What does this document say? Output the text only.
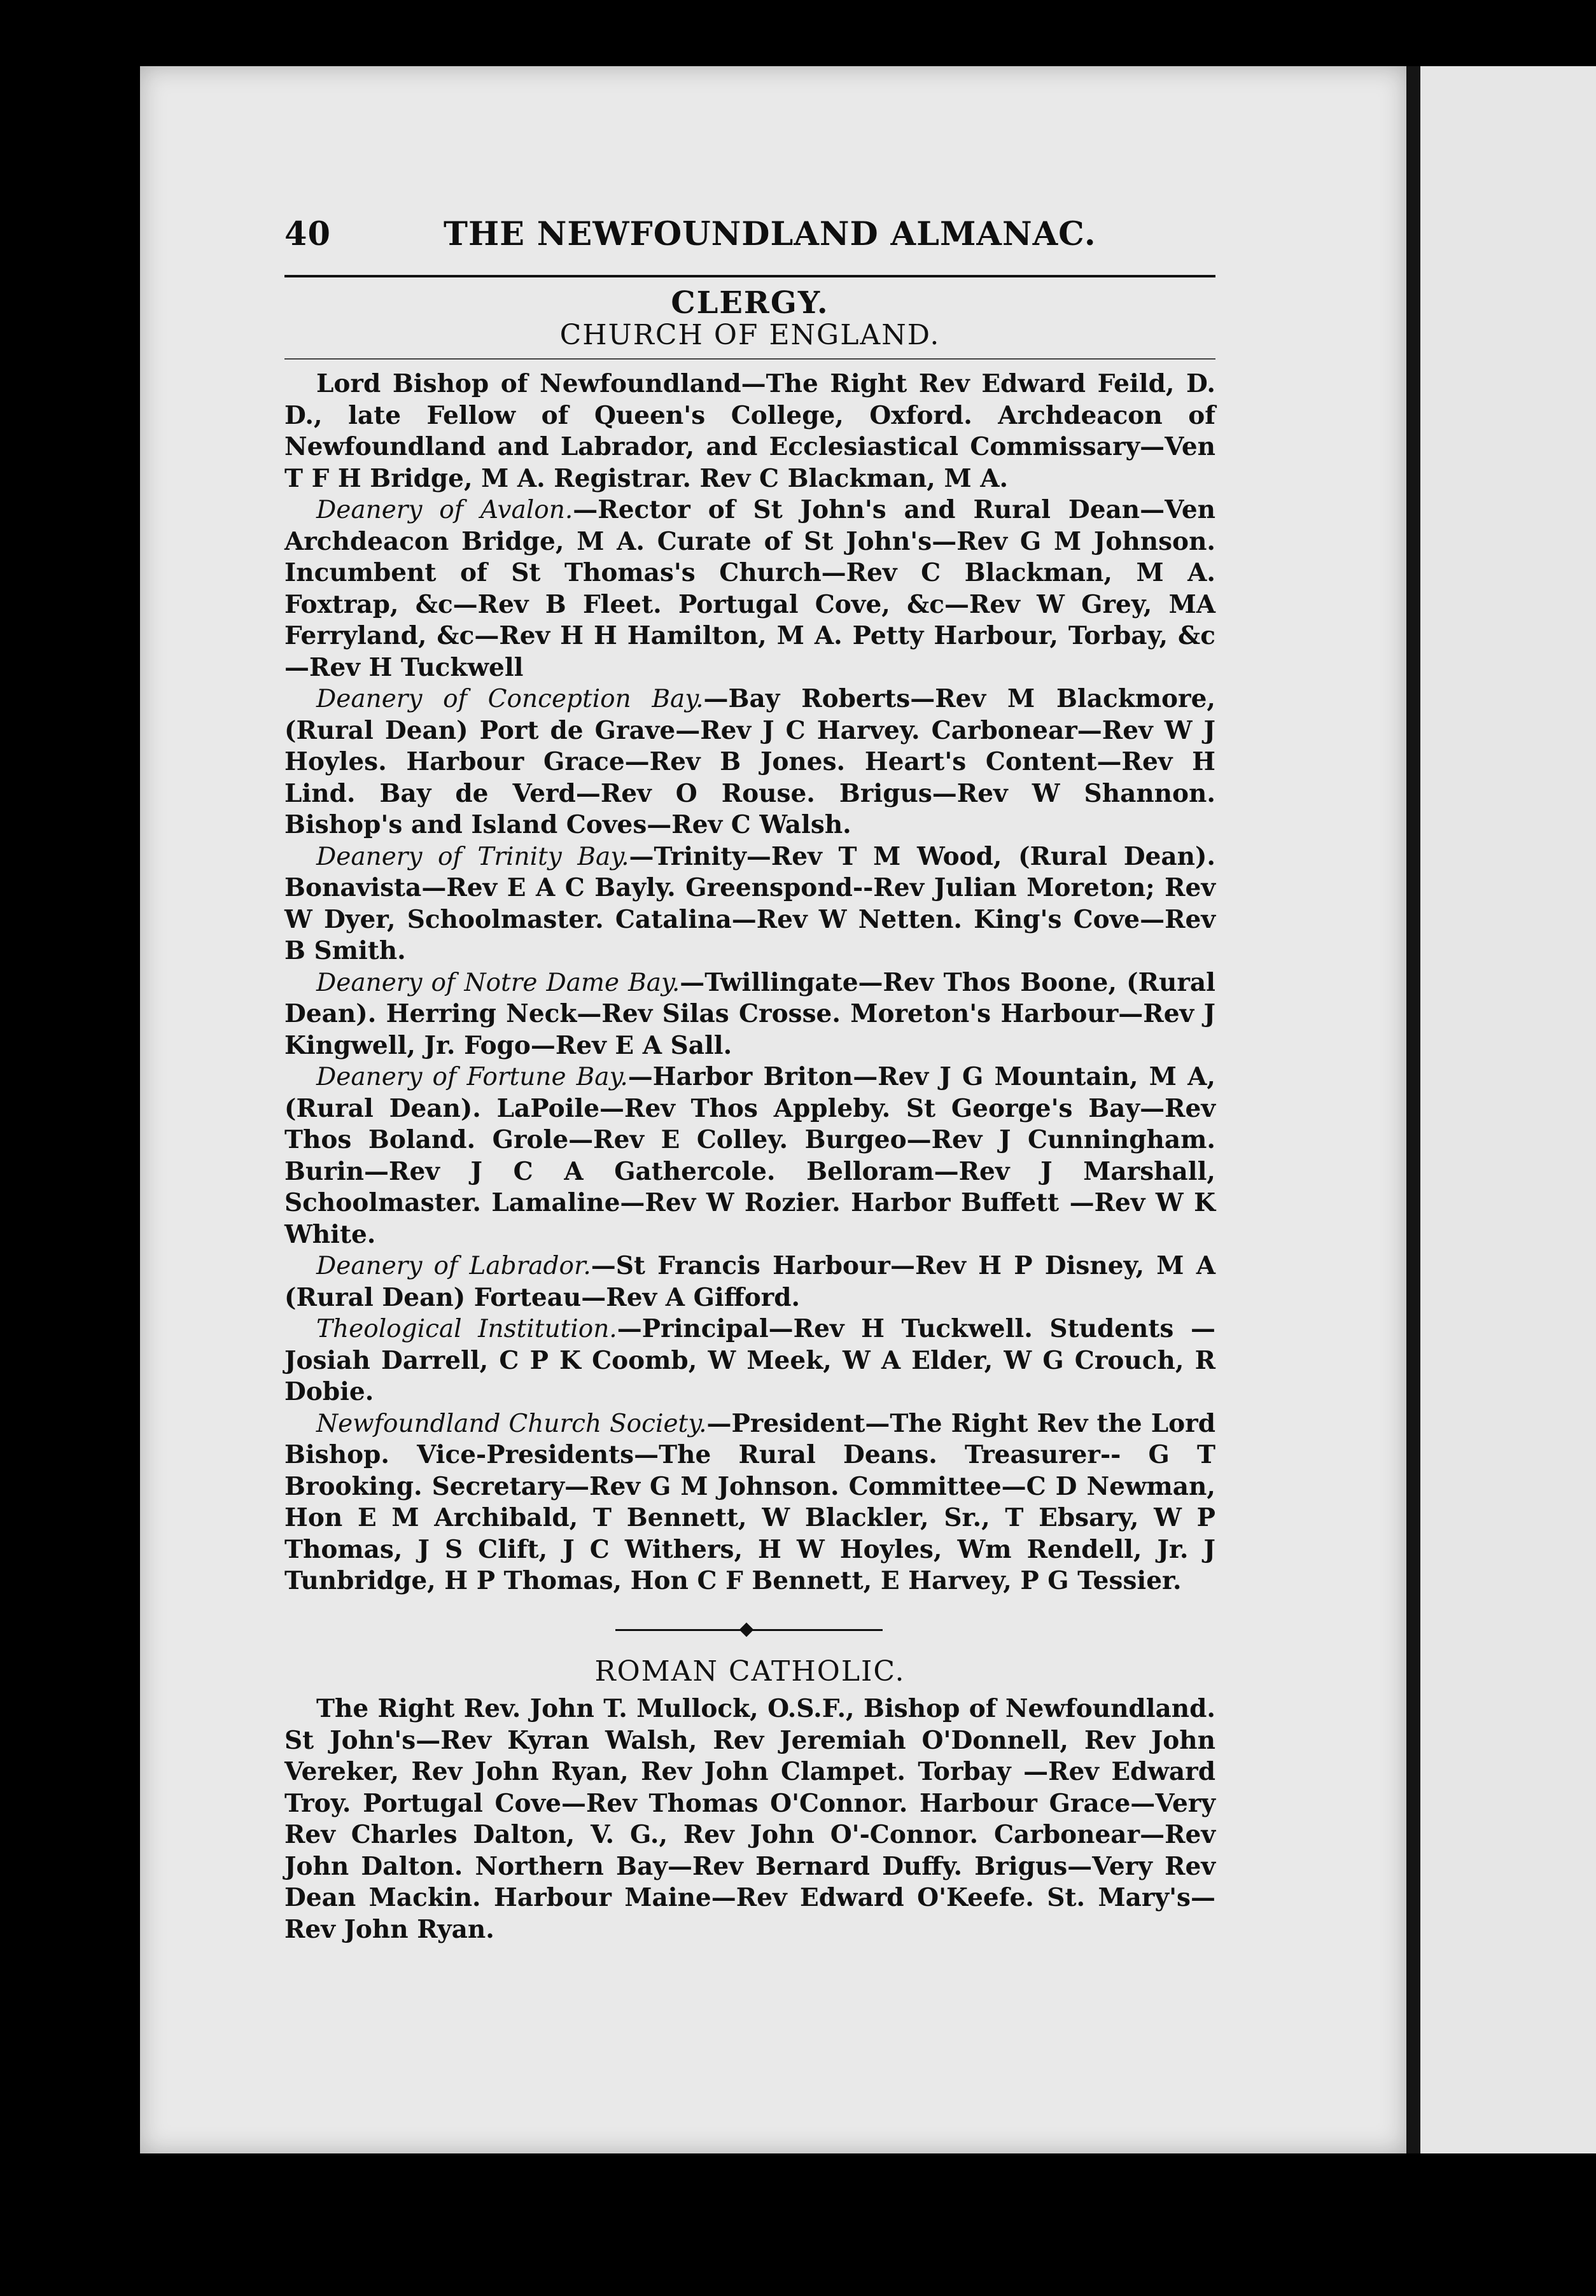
40	THE NEWFOUNDLAND ALMANAC.
CLERGY.
CHURCH OF ENGLAND.

Lord Bishop of Newfoundland—The Right Rev Edward Feild, D. D., late Fellow of Queen's College, Oxford. Archdeacon of Newfoundland and Labrador, and Ecclesiastical Commissary—Ven T F H Bridge, M A. Registrar. Rev C Blackman, M A.

Deanery of Avalon.—Rector of St John's and Rural Dean—Ven Archdeacon Bridge, M A. Curate of St John's—Rev G M Johnson. Incumbent of St Thomas's Church—Rev C Blackman, M A. Foxtrap, &c—Rev B Fleet. Portugal Cove, &c—Rev W Grey, MA Ferryland, &c—Rev H H Hamilton, M A. Petty Harbour, Torbay, &c—Rev H Tuckwell

Deanery of Conception Bay.—Bay Roberts—Rev M Blackmore, (Rural Dean) Port de Grave—Rev J C Harvey. Carbonear—Rev W J Hoyles. Harbour Grace—Rev B Jones. Heart's Content—Rev H Lind. Bay de Verd—Rev O Rouse. Brigus—Rev W Shannon. Bishop's and Island Coves—Rev C Walsh.

Deanery of Trinity Bay.—Trinity—Rev T M Wood, (Rural Dean). Bonavista—Rev E A C Bayly. Greenspond--Rev Julian Moreton; Rev W Dyer, Schoolmaster. Catalina—Rev W Netten. King's Cove—Rev B Smith.

Deanery of Notre Dame Bay.—Twillingate—Rev Thos Boone, (Rural Dean). Herring Neck—Rev Silas Crosse. Moreton's Harbour—Rev J Kingwell, Jr. Fogo—Rev E A Sall.

Deanery of Fortune Bay.—Harbor Briton—Rev J G Mountain, M A, (Rural Dean). LaPoile—Rev Thos Appleby. St George's Bay—Rev Thos Boland. Grole—Rev E Colley. Burgeo—Rev J Cunningham. Burin—Rev J C A Gathercole. Belloram—Rev J Marshall, Schoolmaster. Lamaline—Rev W Rozier. Harbor Buffett —Rev W K White.

Deanery of Labrador.—St Francis Harbour—Rev H P Disney, M A (Rural Dean) Forteau—Rev A Gifford.

Theological Institution.—Principal—Rev H Tuckwell. Students —Josiah Darrell, C P K Coomb, W Meek, W A Elder, W G Crouch, R Dobie.

Newfoundland Church Society.—President—The Right Rev the Lord Bishop. Vice-Presidents—The Rural Deans. Treasurer-- G T Brooking. Secretary—Rev G M Johnson. Committee—C D Newman, Hon E M Archibald, T Bennett, W Blackler, Sr., T Ebsary, W P Thomas, J S Clift, J C Withers, H W Hoyles, Wm Rendell, Jr. J Tunbridge, H P Thomas, Hon C F Bennett, E Harvey, P G Tessier.

ROMAN CATHOLIC.

The Right Rev. John T. Mullock, O.S.F., Bishop of Newfoundland. St John's—Rev Kyran Walsh, Rev Jeremiah O'Donnell, Rev John Vereker, Rev John Ryan, Rev John Clampet. Torbay —Rev Edward Troy. Portugal Cove—Rev Thomas O'Connor. Harbour Grace—Very Rev Charles Dalton, V. G., Rev John O'-Connor. Carbonear—Rev John Dalton. Northern Bay—Rev Bernard Duffy. Brigus—Very Rev Dean Mackin. Harbour Maine—Rev Edward O'Keefe. St. Mary's—Rev John Ryan.
